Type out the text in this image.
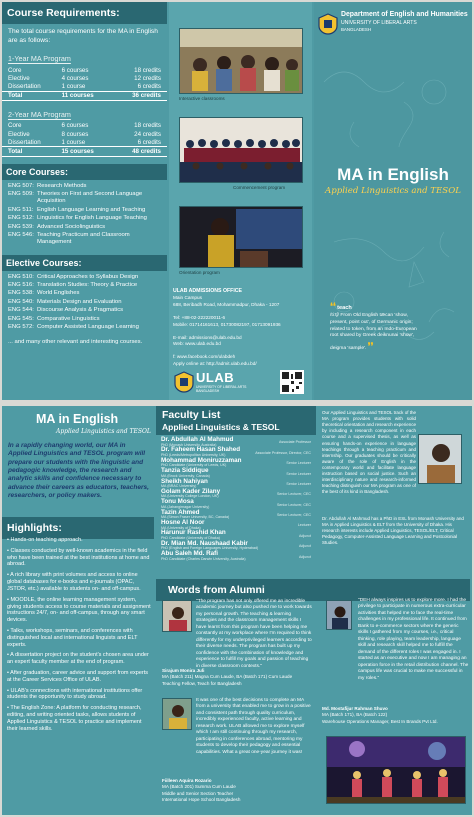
Course Requirements:
The total course requirements for the MA in English are as follows:
1-Year MA Program
Core	6 courses	18 credits
Elective	4 courses	12 credits
Dissertation	1 course	6 credits
Total	11 courses	36 credits
2-Year MA Program
Core	6 courses	18 credits
Elective	8 courses	24 credits
Dissertation	1 course	6 credits
Total	15 courses	48 credits
Core Courses:
ENG 507: Research Methods
ENG 509: Theories on First and Second Language Acquisition
ENG 511: English Language Learning and Teaching
ENG 512: Linguistics for English Language Teaching
ENG 539: Advanced Sociolinguistics
ENG 546: Teaching Practicum and Classroom Management
Elective Courses:
ENG 510: Critical Approaches to Syllabus Design
ENG 516: Translation Studies: Theory & Practice
ENG 538: World Englishes
ENG 540: Materials Design and Evaluation
ENG 544: Discourse Analysis & Pragmatics
ENG 545: Comparative Linguistics
ENG 572: Computer Assisted Language Learning
... and many other relevant and interesting courses.
Interactive classrooms
Commencement program
Orientation program
ULAB ADMISSIONS OFFICE
Main Campus
688, Beribadh Road, Mohammadpur, Dhaka - 1207

Tel: +88-02-222220011-6
Mobile: 01714161613, 01730082197, 01713091936

E-mail: admissions@ulab.edu.bd
Web: www.ulab.edu.bd

f: www.facebook.com/ulabdeh
Apply online at: http://admit.ulab.edu.bd/
ULAB
UNIVERSITY OF LIBERAL ARTS BANGLADESH
Department of English and Humanities
UNIVERSITY OF LIBERAL ARTS
BANGLADESH
MA in English
Applied Linguistics and TESOL
❛❛ teach
/tiːtʃ/ From Old English tǣcan 'show, present, point out', of Germanic origin; related to token, from an Indo-European root shared by Greek deiknunai 'show', deigma 'sample'. ❜❜
MA in English
Applied Linguistics and TESOL
In a rapidly changing world, our MA in Applied Linguistics and TESOL program will prepare our students with the linguistic and pedagogic knowledge, the research and analytic skills and confidence necessary to advance their careers as educators, teachers, researchers, or policy makers.
Highlights:
• Hands-on teaching approach.
• Classes conducted by well-known academics in the field who have been trained at the best institutions at home and abroad.
• A rich library with print volumes and access to online global databases for e-books and e-journals (OPAC, JSTOR, etc.) available to students on- and off-campus.
• MOODLE, the online learning management system, giving students access to course materials and assignment instructions 24/7, on- and off-campus, through any smart devices.
• Talks, workshops, seminars, and conferences with distinguished local and international linguists and ELT experts.
• A dissertation project on the student's chosen area under an expert faculty member at the end of program.
• After graduation, career advice and support from experts at the Career Services Office of ULAB.
• ULAB's connections with international institutions offer students the opportunity to study abroad.
• The English Zone: A platform for conducting research, editing, and writing oriented tasks, allows students of Applied Linguistics & TESOL to practice and implement their learned skills.
Faculty List
Applied Linguistics & TESOL
Dr. Abdullah Al Mahmud
PhD (Monash University, Australia)
Associate Professor
Dr. Faheem Hasan Shahed
PhD (Leeds/Metropolitan University, UK)
Associate Professor, Director, CEC
Mohammad Moniruzzaman
PhD Candidate (University of Leeds, UK)
Senior Lecturer
Tanzia Siddique
MA (Brock University, Canada)
Senior Lecturer
Sheikh Nahiyan
MA (BRAC University)
Senior Lecturer
Golam Kader Zilany
MA (University College London, UK)
Senior Lecturer, CEC
Tonu Mosa
MA (Jahangirnagar University)
Senior Lecturer, CEC
Tazin Ahmed
MA (Simon Fraser University, BC, Canada)
Senior Lecturer, CEC
Hosne Al Noor
MA (University of Dhaka)
Lecturer
Harunur Rashid Khan
PhD Candidate (University of Dhaka)
Adjunct
Dr. Mian Md. Naushaad Kabir
PhD (English and Foreign Languages University, Hyderabad)
Adjunct
Abu Saleh Md. Rafi
PhD Candidate (Charles Darwin University, Australia)
Adjunct
Words from Alumni
"The program has not only offered me an incredible academic journey but also pushed me to work towards my personal growth. The teaching & learning strategies and the classroom management skills I have learnt from this program have been helping me constantly at my workplace where I'm required to think differently for my underprivileged learners according to their diverse needs. The program has built up my confidence with the combination of knowledge and experience to fulfill my goals and passion of teaching in diverse classroom contexts."
Sirajum Monira Juli
MA (Batch 211) Magna Cum Laude, BA (Batch 171) Cum Laude
Teaching Fellow, Teach for Bangladesh
It was one of the best decisions to complete an MA from a university that enabled me to grow in a positive and consistent path through quality curriculum, incredibly experienced faculty, active learning and research work. ULAB allowed me to explore myself which I am still continuing through my research, participating in conferences abroad, mentoring my students to develop their pedagogy and essential capabilities. What a great one-year journey it was!
Fiilleen Aquira Rozario
MA (Batch 201) Summa Cum Laude
Middle and Senior Section Teacher
International Hope School Bangladesh
Our Applied Linguistics and TESOL track of the MA program provides students with solid theoretical orientation and research experience by including a research component in each course and a supervised thesis, as well as ensuring hands-on experience in language teachings through a teaching practicum and internship. Our graduates should be critically aware of the role of English in the contemporary world and facilitate language instruction based on social justice. Such an interdisciplinary nature and research-informed teaching distinguish our MA program as one of the best of its kind in Bangladesh.
Dr. Abdullah Al Mahmud has a PhD in ESL from Monash University and MA in Applied Linguistics & ELT from the University of Dhaka. His research interests include Applied Linguistics, TESOL/ELT, Critical Pedagogy, Computer-Assisted Language Learning and Postcolonial Studies.
"DEH always inspires us to explore more. I had the privilege to participate in numerous extra-curricular activities that helped me to face the real-time challenges in my professional life. It continued from Bank to e-commerce sectors where the generic skills I gathered from my courses, i.e., critical thinking, role playing, team leadership, language skill and research skill helped me to fulfill the demand of the different roles I was engaged in. I started as an executive and now I am managing an operation force in the retail distribution channel. The campus life was crucial to make me successful in my roles."
Md. Mostafijur Rahman Shuvo
MA (Batch 171), BA (Batch 122)
Warehouse Operations Manager, Best In Brands Pvt Ltd.
